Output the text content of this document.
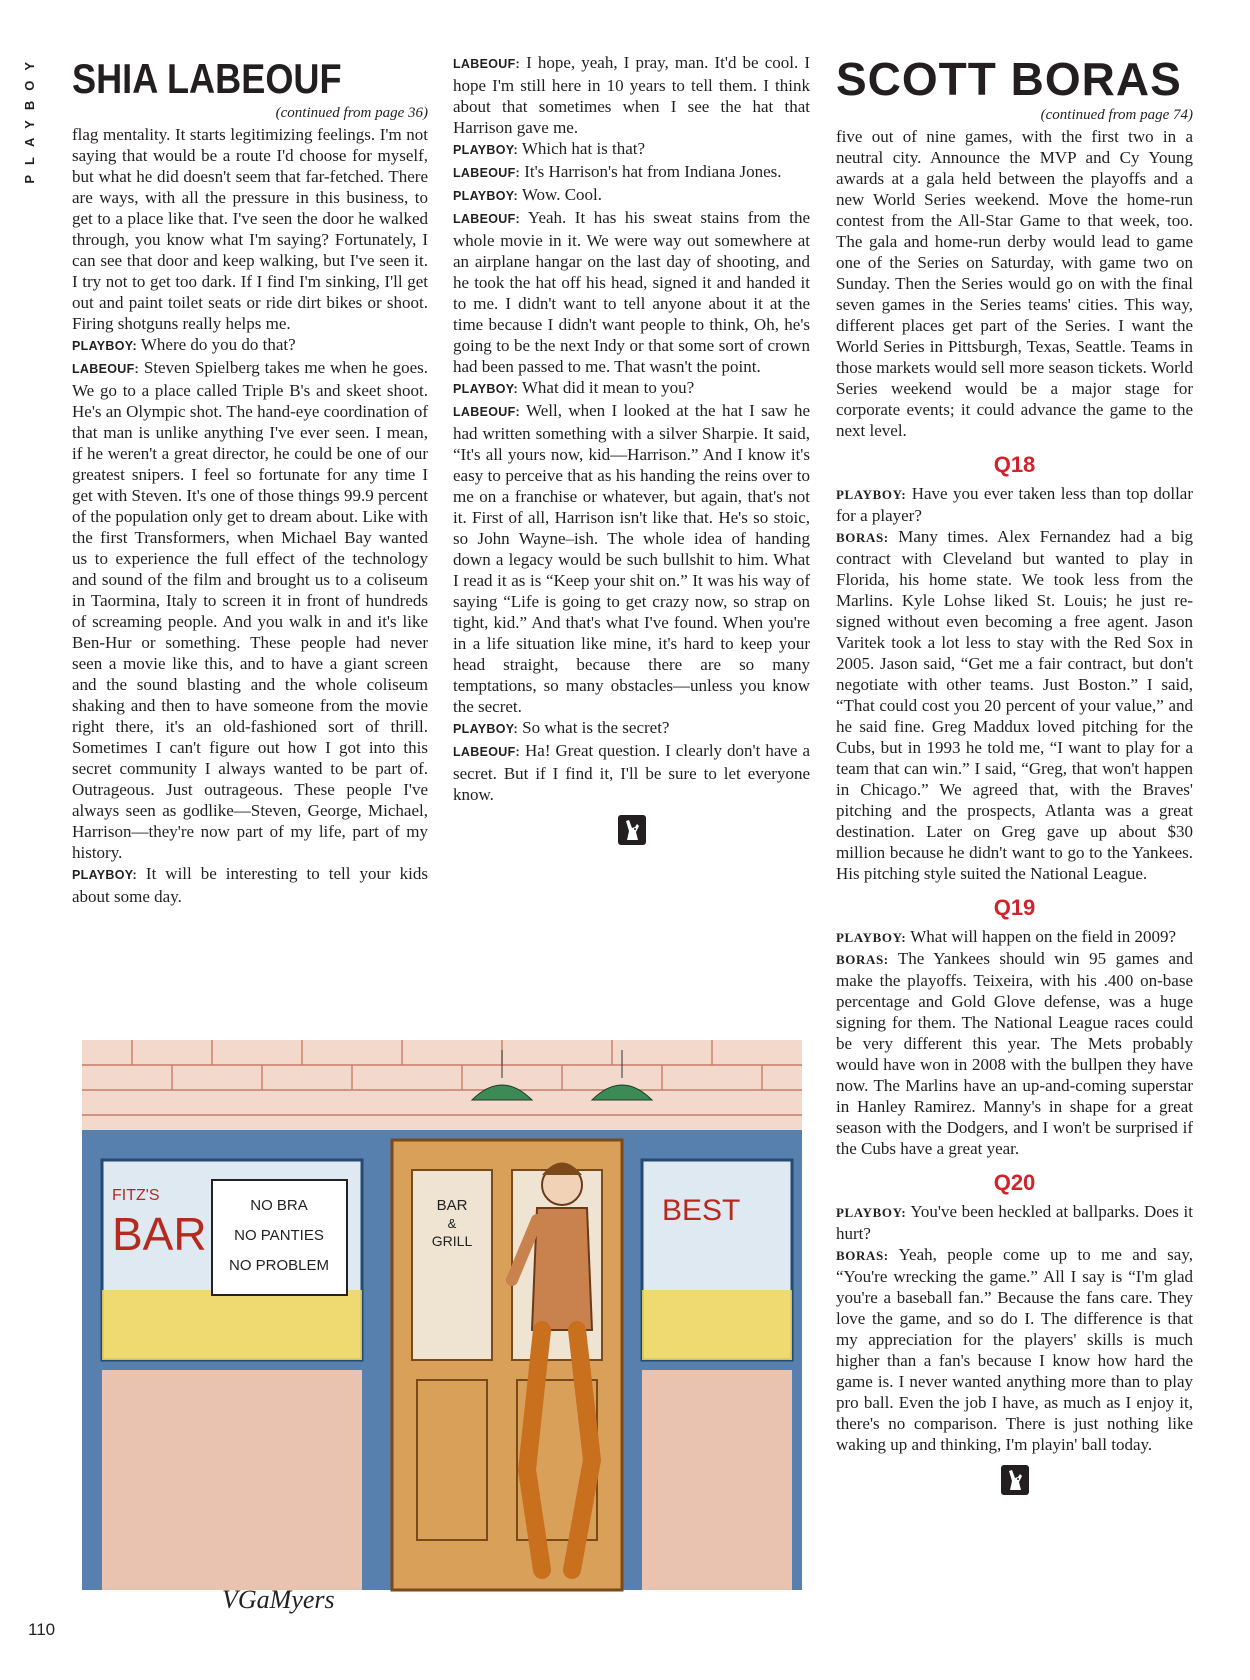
PLAYBOY SHIA LABEOUF
(continued from page 36)

flag mentality. It starts legitimizing feelings. I'm not saying that would be a route I'd choose for myself, but what he did doesn't seem that far-fetched. There are ways, with all the pressure in this business, to get to a place like that. I've seen the door he walked through, you know what I'm saying? Fortunately, I can see that door and keep walking, but I've seen it. I try not to get too dark. If I find I'm sinking, I'll get out and paint toilet seats or ride dirt bikes or shoot. Firing shotguns really helps me.

PLAYBOY: Where do you do that?

LABEOUF: Steven Spielberg takes me when he goes. We go to a place called Triple B's and skeet shoot. He's an Olympic shot. The hand-eye coordination of that man is unlike anything I've ever seen. I mean, if he weren't a great director, he could be one of our greatest snipers. I feel so fortunate for any time I get with Steven. It's one of those things 99.9 percent of the population only get to dream about. Like with the first Transformers, when Michael Bay wanted us to experience the full effect of the technology and sound of the film and brought us to a coliseum in Taormina, Italy to screen it in front of hundreds of screaming people. And you walk in and it's like Ben-Hur or something. These people had never seen a movie like this, and to have a giant screen and the sound blasting and the whole coliseum shaking and then to have someone from the movie right there, it's an old-fashioned sort of thrill. Sometimes I can't figure out how I got into this secret community I always wanted to be part of. Outrageous. Just outrageous. These people I've always seen as godlike—Steven, George, Michael, Harrison—they're now part of my life, part of my history.

PLAYBOY: It will be interesting to tell your kids about some day.

LABEOUF: I hope, yeah, I pray, man. It'd be cool. I hope I'm still here in 10 years to tell them. I think about that sometimes when I see the hat that Harrison gave me.

PLAYBOY: Which hat is that?

LABEOUF: It's Harrison's hat from Indiana Jones.

PLAYBOY: Wow. Cool.

LABEOUF: Yeah. It has his sweat stains from the whole movie in it. We were way out somewhere at an airplane hangar on the last day of shooting, and he took the hat off his head, signed it and handed it to me. I didn't want to tell anyone about it at the time because I didn't want people to think, Oh, he's going to be the next Indy or that some sort of crown had been passed to me. That wasn't the point.

PLAYBOY: What did it mean to you?

LABEOUF: Well, when I looked at the hat I saw he had written something with a silver Sharpie. It said, “It's all yours now, kid—Harrison.” And I know it's easy to perceive that as his handing the reins over to me on a franchise or whatever, but again, that's not it. First of all, Harrison isn't like that. He's so stoic, so John Wayne–ish. The whole idea of handing down a legacy would be such bullshit to him. What I read it as is “Keep your shit on.” It was his way of saying “Life is going to get crazy now, so strap on tight, kid.” And that's what I've found. When you're in a life situation like mine, it's hard to keep your head straight, because there are so many temptations, so many obstacles—unless you know the secret.

PLAYBOY: So what is the secret?

LABEOUF: Ha! Great question. I clearly don't have a secret. But if I find it, I'll be sure to let everyone know.

SCOTT BORAS
(continued from page 74)

five out of nine games, with the first two in a neutral city. Announce the MVP and Cy Young awards at a gala held between the playoffs and a new World Series weekend. Move the home-run contest from the All-Star Game to that week, too. The gala and home-run derby would lead to game one of the Series on Saturday, with game two on Sunday. Then the Series would go on with the final seven games in the Series teams' cities. This way, different places get part of the Series. I want the World Series in Pittsburgh, Texas, Seattle. Teams in those markets would sell more season tickets. World Series weekend would be a major stage for corporate events; it could advance the game to the next level.

Q18

PLAYBOY: Have you ever taken less than top dollar for a player?

BORAS: Many times. Alex Fernandez had a big contract with Cleveland but wanted to play in Florida, his home state. We took less from the Marlins. Kyle Lohse liked St. Louis; he just re-signed without even becoming a free agent. Jason Varitek took a lot less to stay with the Red Sox in 2005. Jason said, “Get me a fair contract, but don't negotiate with other teams. Just Boston.” I said, “That could cost you 20 percent of your value,” and he said fine. Greg Maddux loved pitching for the Cubs, but in 1993 he told me, “I want to play for a team that can win.” I said, “Greg, that won't happen in Chicago.” We agreed that, with the Braves' pitching and the prospects, Atlanta was a great destination. Later on Greg gave up about $30 million because he didn't want to go to the Yankees. His pitching style suited the National League.

Q19

PLAYBOY: What will happen on the field in 2009?

BORAS: The Yankees should win 95 games and make the playoffs. Teixeira, with his .400 on-base percentage and Gold Glove defense, was a huge signing for them. The National League races could be very different this year. The Mets probably would have won in 2008 with the bullpen they have now. The Marlins have an up-and-coming superstar in Hanley Ramirez. Manny's in shape for a great season with the Dodgers, and I won't be surprised if the Cubs have a great year.

Q20

PLAYBOY: You've been heckled at ballparks. Does it hurt?

BORAS: Yeah, people come up to me and say, “You're wrecking the game.” All I say is “I'm glad you're a baseball fan.” Because the fans care. They love the game, and so do I. The difference is that my appreciation for the players' skills is much higher than a fan's because I know how hard the game is. I never wanted anything more than to play pro ball. Even the job I have, as much as I enjoy it, there's no comparison. There is just nothing like waking up and thinking, I'm playin' ball today.

NO BRA
NO PANTIES
NO PROBLEM
FITZ'S
BAR
BAR
&
GRILL
BEST
VGaMyers
110
